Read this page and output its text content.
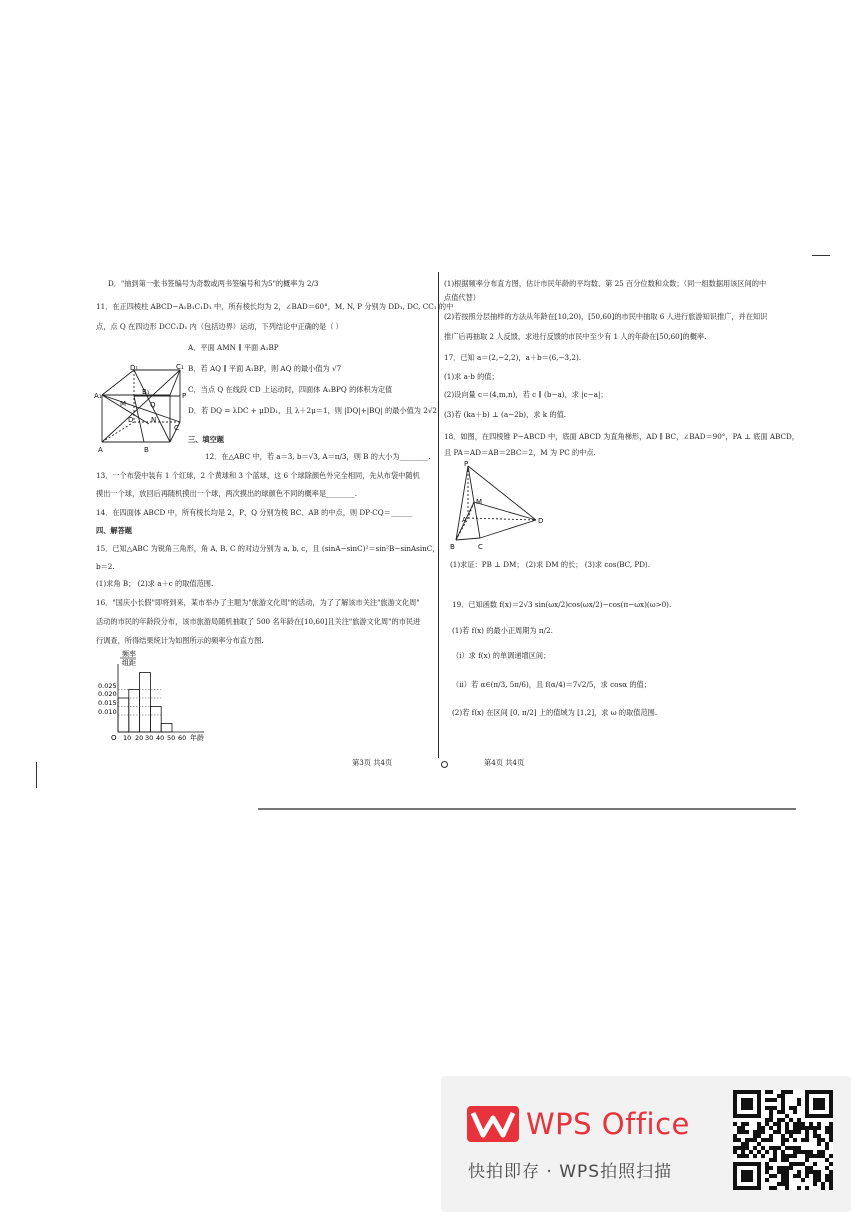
D．"抽到第一张书签编号为奇数或两书签编号和为5"的概率为 2/3
11．在正四棱柱 ABCD−A₁B₁C₁D₁ 中，所有棱长均为 2，∠BAD＝60°，M, N, P 分别为 DD₁, DC, CC₁ 的中
点，点 Q 在四边形 DCC₁D₁ 内（包括边界）运动，下列结论中正确的是（ ）
A．平面 AMN ∥ 平面 A₁BP
B．若 AQ ∥ 平面 A₁BP，则 AQ 的最小值为 √7
C．当点 Q 在线段 CD 上运动时，四面体 A₁BPQ 的体积为定值
D．若 DQ = λDC + μDD₁，且 λ＋2μ＝1，则 |DQ|+|BQ| 的最小值为 2√2
三、填空题
12．在△ABC 中，若 a＝3, b＝√3, A＝π/3，则 B 的大小为________.
13．一个布袋中装有 1 个红球，2 个黄球和 3 个蓝球，这 6 个球除颜色外完全相同，先从布袋中随机
摸出一个球，放回后再随机摸出一个球，两次摸出的球颜色不同的概率是________.
14．在四面体 ABCD 中，所有棱长均是 2，P、Q 分别为棱 BC、AB 的中点，则 DP·CQ＝______
四、解答题
15．已知△ABC 为锐角三角形，角 A, B, C 的对边分别为 a, b, c，且 (sinA−sinC)²＝sin²B−sinAsinC，
b＝2.
(1)求角 B； (2)求 a＋c 的取值范围.
16．"国庆小长假"即将到来，某市举办了主题为"旅游文化周"的活动，为了了解该市关注"旅游文化周"
活动的市民的年龄段分布，该市旅游局随机抽取了 500 名年龄在[10,60]且关注"旅游文化周"的市民进
行调查，所得结果统计为如图所示的频率分布直方图.
第3页 共4页
D₁	C₁
B₁
A₁	P
M	Q
D	N
A
C
B
频率
组距
0.025
0.020
0.015
0.010
O 10 20 30 40 50 60 年龄
(1)根据频率分布直方图，估计市民年龄的平均数、第 25 百分位数和众数；（同一组数据用该区间的中
点值代替）
(2)若按照分层抽样的方法从年龄在[10,20)，[50,60]的市民中抽取 6 人进行旅游知识推广，并在知识
推广后再抽取 2 人反馈，求进行反馈的市民中至少有 1 人的年龄在[50,60]的概率.
17．已知 a＝(2,−2,2)，a＋b＝(6,−3,2).
(1)求 a·b 的值；
(2)设向量 c＝(4,m,n)，若 c ∥ (b−a)，求 |c−a|；
(3)若 (ka＋b) ⊥ (a−2b)，求 k 的值.
18．如图，在四棱锥 P−ABCD 中，底面 ABCD 为直角梯形，AD ∥ BC，∠BAD＝90°，PA ⊥ 底面 ABCD，
且 PA＝AD＝AB＝2BC＝2，M 为 PC 的中点.
(1)求证：PB ⊥ DM； (2)求 DM 的长； (3)求 cos⟨BC, PD⟩.
19．已知函数 f(x)＝2√3 sin(ωx/2)cos(ωx/2)−cos(π−ωx)(ω>0).
(1)若 f(x) 的最小正周期为 π/2.
（i）求 f(x) 的单调递增区间；
（ii）若 α∈(π/3, 5π/6)，且 f(α/4)＝7√2/5，求 cosα 的值；
(2)若 f(x) 在区间 [0, π/2] 上的值域为 [1,2]，求 ω 的取值范围.
第4页 共4页
P
M
A	D
B	C
WPS Office
快拍即存 · WPS拍照扫描
